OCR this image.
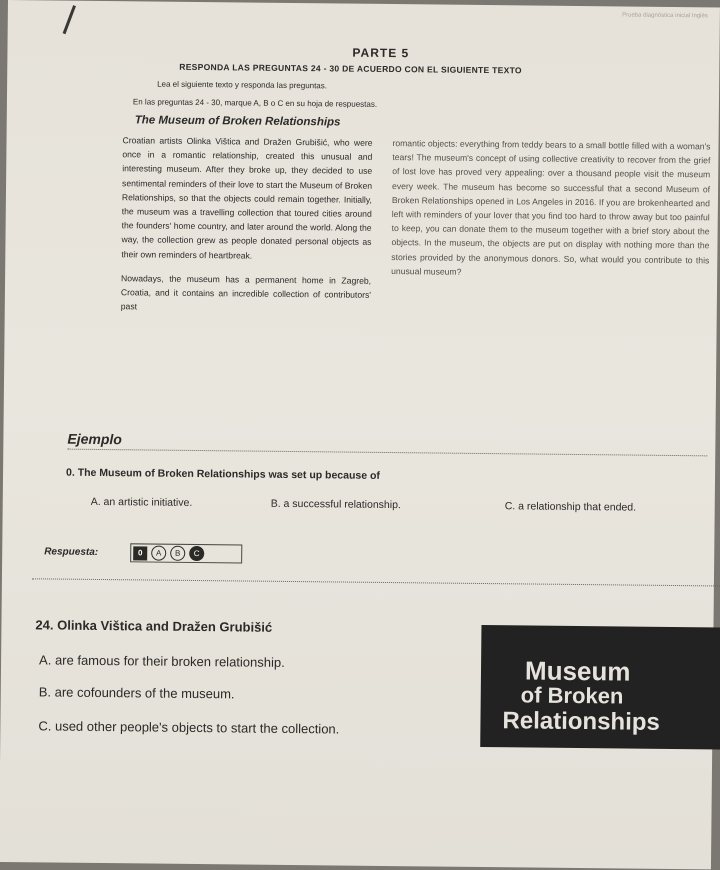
Prueba diagnóstica inicial Inglés
PARTE 5
RESPONDA LAS PREGUNTAS 24 - 30 DE ACUERDO CON EL SIGUIENTE TEXTO
Lea el siguiente texto y responda las preguntas.
En las preguntas 24 - 30, marque A, B o C en su hoja de respuestas.
The Museum of Broken Relationships

Croatian artists Olinka Vištica and Dražen Grubišić, who were once in a romantic relationship, created this unusual and interesting museum. After they broke up, they decided to use sentimental reminders of their love to start the Museum of Broken Relationships, so that the objects could remain together. Initially, the museum was a travelling collection that toured cities around the founders' home country, and later around the world. Along the way, the collection grew as people donated personal objects as their own reminders of heartbreak.

Nowadays, the museum has a permanent home in Zagreb, Croatia, and it contains an incredible collection of contributors' past

romantic objects: everything from teddy bears to a small bottle filled with a woman's tears! The museum's concept of using collective creativity to recover from the grief of lost love has proved very appealing: over a thousand people visit the museum every week. The museum has become so successful that a second Museum of Broken Relationships opened in Los Angeles in 2016. If you are brokenhearted and left with reminders of your lover that you find too hard to throw away but too painful to keep, you can donate them to the museum together with a brief story about the objects. In the museum, the objects are put on display with nothing more than the stories provided by the anonymous donors. So, what would you contribute to this unusual museum?

Ejemplo
0. The Museum of Broken Relationships was set up because of
A. an artistic initiative.	B. a successful relationship.	C. a relationship that ended.
Respuesta:	0	A	B	C
24. Olinka Vištica and Dražen Grubišić
A. are famous for their broken relationship.
B. are cofounders of the museum.
C. used other people's objects to start the collection.
Museum
of Broken
Relationships
